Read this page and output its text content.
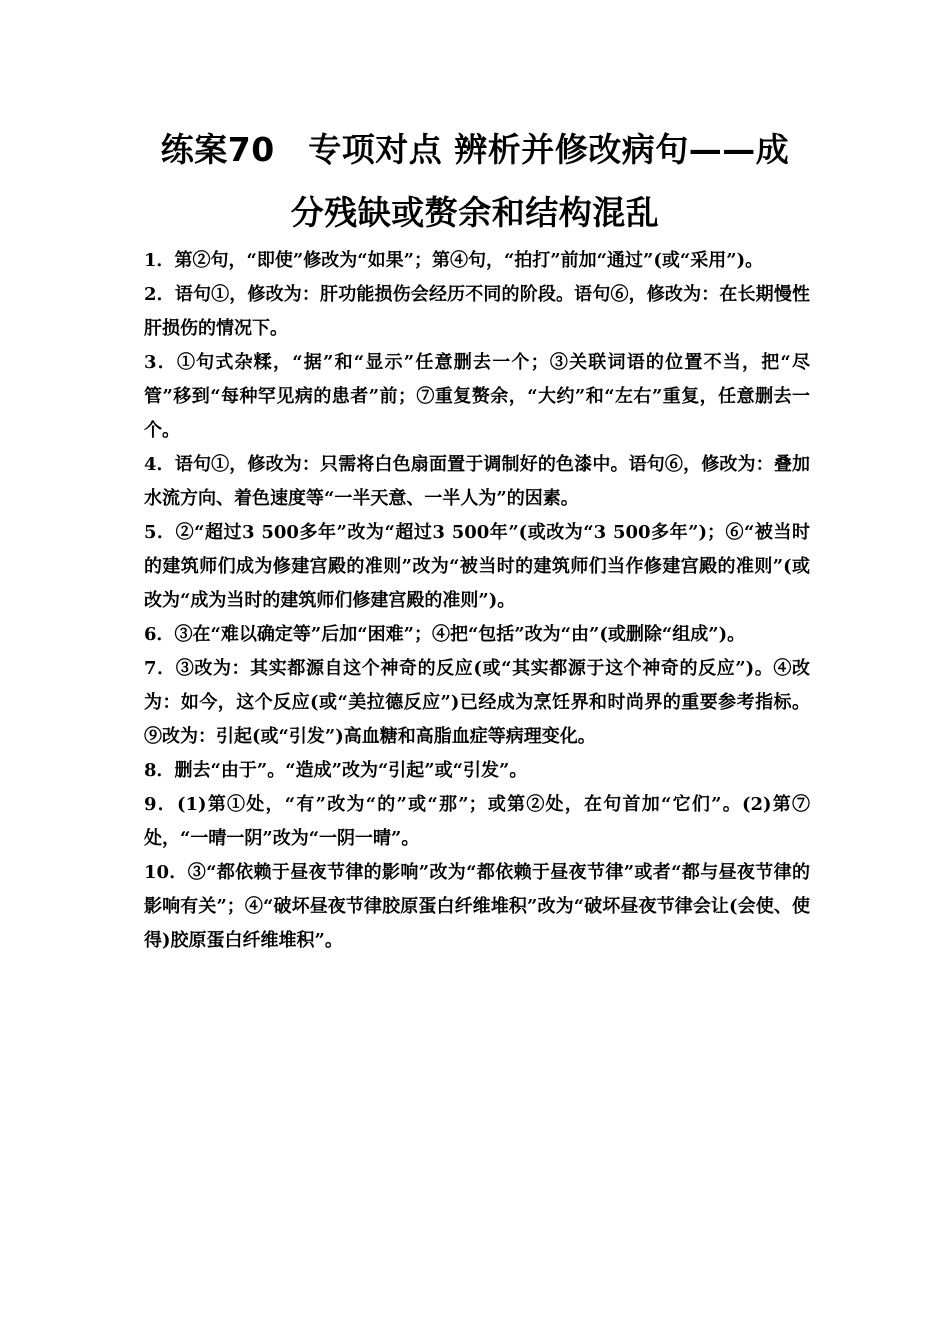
练案70　专项对点 辨析并修改病句——成
分残缺或赘余和结构混乱
1．第②句，“即使”修改为“如果”；第④句，“拍打”前加“通过”(或“采用”)。
2．语句①，修改为：肝功能损伤会经历不同的阶段。语句⑥，修改为：在长期慢性肝损伤的情况下。
3．①句式杂糅，“据”和“显示”任意删去一个；③关联词语的位置不当，把“尽管”移到“每种罕见病的患者”前；⑦重复赘余，“大约”和“左右”重复，任意删去一个。
4．语句①，修改为：只需将白色扇面置于调制好的色漆中。语句⑥，修改为：叠加水流方向、着色速度等“一半天意、一半人为”的因素。
5．②“超过3 500多年”改为“超过3 500年”(或改为“3 500多年”)；⑥“被当时的建筑师们成为修建宫殿的准则”改为“被当时的建筑师们当作修建宫殿的准则”(或改为“成为当时的建筑师们修建宫殿的准则”)。
6．③在“难以确定等”后加“困难”；④把“包括”改为“由”(或删除“组成”)。
7．③改为：其实都源自这个神奇的反应(或“其实都源于这个神奇的反应”)。④改为：如今，这个反应(或“美拉德反应”)已经成为烹饪界和时尚界的重要参考指标。⑨改为：引起(或“引发”)高血糖和高脂血症等病理变化。
8．删去“由于”。“造成”改为“引起”或“引发”。
9．(1)第①处，“有”改为“的”或“那”；或第②处，在句首加“它们”。(2)第⑦处，“一晴一阴”改为“一阴一晴”。
10．③“都依赖于昼夜节律的影响”改为“都依赖于昼夜节律”或者“都与昼夜节律的影响有关”；④“破坏昼夜节律胶原蛋白纤维堆积”改为“破坏昼夜节律会让(会使、使得)胶原蛋白纤维堆积”。
